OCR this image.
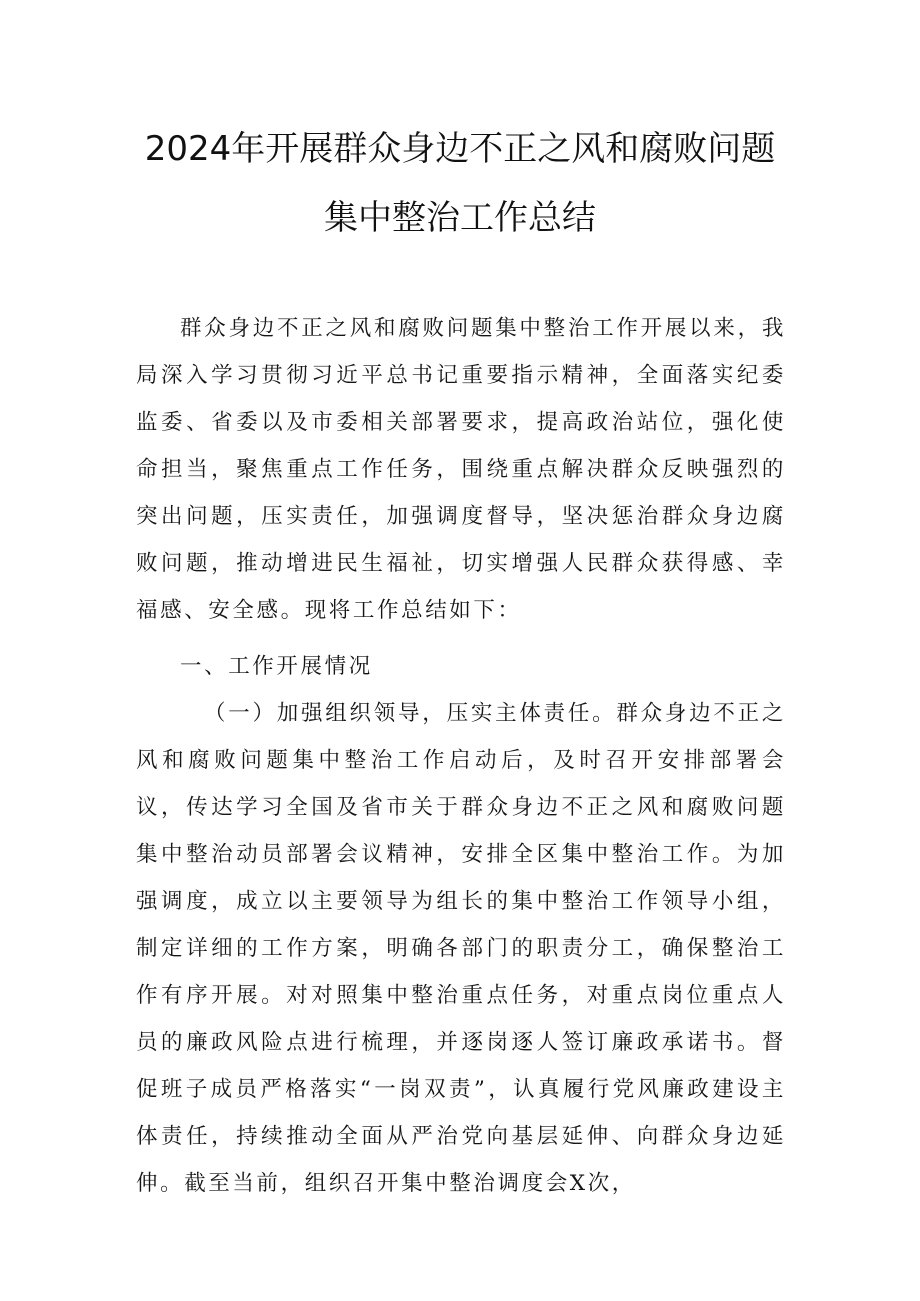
2024年开展群众身边不正之风和腐败问题
集中整治工作总结

群众身边不正之风和腐败问题集中整治工作开展以来，我局深入学习贯彻习近平总书记重要指示精神，全面落实纪委监委、省委以及市委相关部署要求，提高政治站位，强化使命担当，聚焦重点工作任务，围绕重点解决群众反映强烈的突出问题，压实责任，加强调度督导，坚决惩治群众身边腐败问题，推动增进民生福祉，切实增强人民群众获得感、幸福感、安全感。现将工作总结如下：

一、工作开展情况

（一）加强组织领导，压实主体责任。群众身边不正之风和腐败问题集中整治工作启动后，及时召开安排部署会议，传达学习全国及省市关于群众身边不正之风和腐败问题集中整治动员部署会议精神，安排全区集中整治工作。为加强调度，成立以主要领导为组长的集中整治工作领导小组，制定详细的工作方案，明确各部门的职责分工，确保整治工作有序开展。对对照集中整治重点任务，对重点岗位重点人员的廉政风险点进行梳理，并逐岗逐人签订廉政承诺书。督促班子成员严格落实“一岗双责”，认真履行党风廉政建设主体责任，持续推动全面从严治党向基层延伸、向群众身边延伸。截至当前，组织召开集中整治调度会X次，
